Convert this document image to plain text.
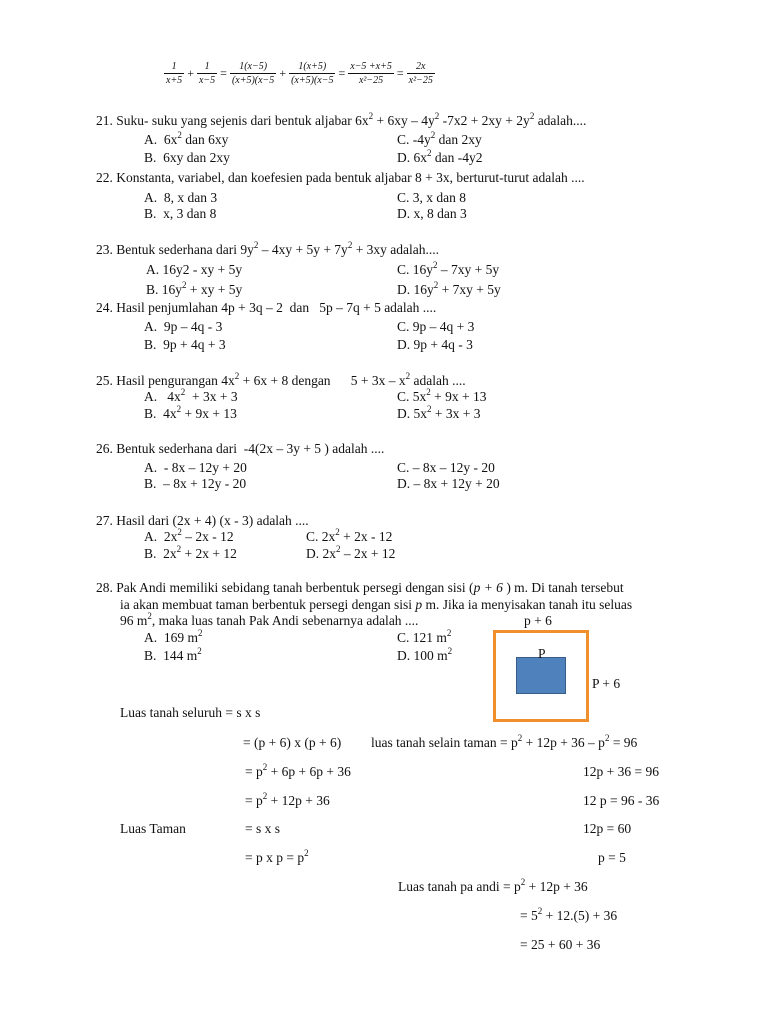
$\frac{1}{x+5} + \frac{1}{x-5} = \frac{1(x-5)}{(x+5)(x-5} + \frac{1(x+5)}{(x+5)(x-5} = \frac{x-5 +x+5}{\text{x²−25}} = \frac{2x}{\text{x²−25}}$
21. Suku- suku yang sejenis dari bentuk aljabar $6x^2 + 6xy - 4y^2$ $-7x2 + 2xy + 2y^2$ adalah....
A.  $6x^2$ dan 6xy	C. $-4y^2$ dan 2xy
B.  6xy dan 2xy	D. $6x^2$ dan -4y2
22. Konstanta, variabel, dan koefesien pada bentuk aljabar 8 + 3x, berturut-turut adalah ....
A.  8, x dan 3	C. 3, x dan 8
B.  x, 3 dan 8	D. x, 8 dan 3
23. Bentuk sederhana dari $9y^2 - 4xy + 5y + 7y^2 + 3xy$ adalah....
A. 16y2 - xy + 5y	C. $16y^2 - 7xy + 5y$
B. $16y^2$ + xy + 5y	D. $16y^2 + 7xy + 5y$
24. Hasil penjumlahan 4p + 3q – 2  dan   5p – 7q + 5 adalah ....
A.  9p – 4q - 3	C. 9p – 4q + 3
B.  9p + 4q + 3	D. 9p + 4q - 3
25. Hasil pengurangan $4x^2 + 6x + 8$ dengan      $5 + 3x - x^2$ adalah ....
A.   $4x^2 + 3x + 3$	C. $5x^2 + 9x + 13$
B.  $4x^2 + 9x + 13$	D. $5x^2 + 3x + 3$
26. Bentuk sederhana dari  -4(2x – 3y + 5 ) adalah ....
A.  - 8x – 12y + 20	C. – 8x – 12y - 20
B.  – 8x + 12y - 20	D. – 8x + 12y + 20
27. Hasil dari (2x + 4) (x - 3) adalah ....
A.  $2x^2 - 2x - 12$	C. $2x^2 + 2x - 12$
B.  $2x^2 + 2x + 12$	D. $2x^2 - 2x + 12$
28. Pak Andi memiliki sebidang tanah berbentuk persegi dengan sisi (p + 6 ) m. Di tanah tersebut
ia akan membuat taman berbentuk persegi dengan sisi p m. Jika ia menyisakan tanah itu seluas
96 $m^2$, maka luas tanah Pak Andi sebenarnya adalah ....
A.  169 $m^2$	C. 121 $m^2$
B.  144 $m^2$	D. 100 $m^2$
p + 6
P
P + 6
Luas tanah seluruh = s x s
= (p + 6) x (p + 6) luas tanah selain taman = $p^2 + 12p + 36 - p^2 = 96$
= $p^2 + 6p + 6p + 36$	12p + 36 = 96
= $p^2 + 12p + 36$	12 p = 96 - 36
Luas Taman	= s x s	12p = 60
= p x $p = p^2$	p = 5
Luas tanah pa andi = $p^2 + 12p + 36$
= $5^2 + 12.(5) + 36$
= 25 + 60 + 36
